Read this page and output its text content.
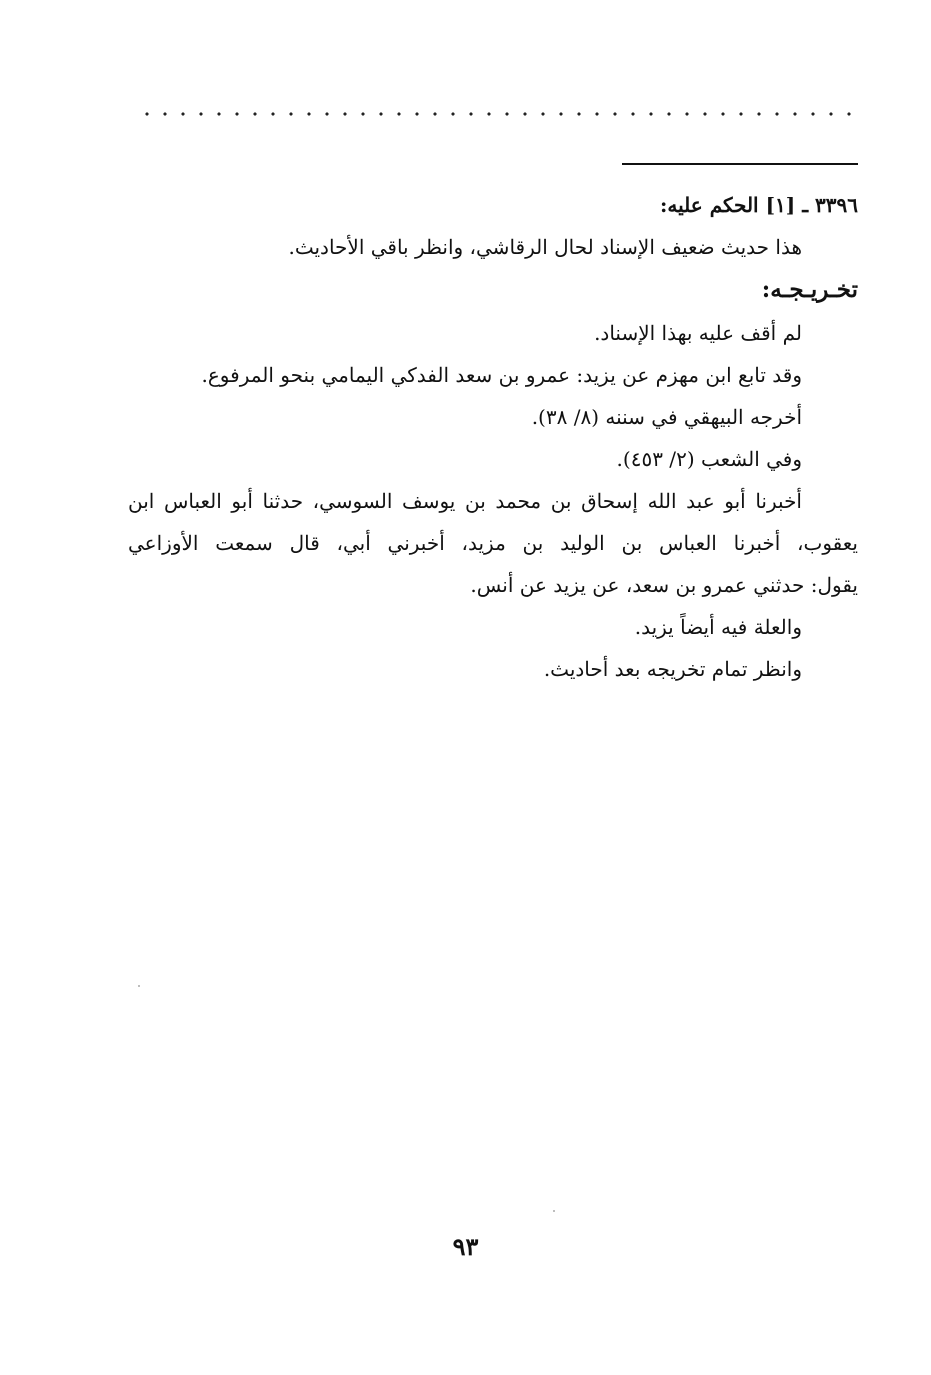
٣٣٩٦ ـ [١] الحكم عليه:
هذا حديث ضعيف الإسناد لحال الرقاشي، وانظر باقي الأحاديث.
تخـريـجـه:
لم أقف عليه بهذا الإسناد.
وقد تابع ابن مهزم عن يزيد: عمرو بن سعد الفدكي اليمامي بنحو المرفوع.
أخرجه البيهقي في سننه (٨/ ٣٨).
وفي الشعب (٢/ ٤٥٣).
أخبرنا أبو عبد الله إسحاق بن محمد بن يوسف السوسي، حدثنا أبو العباس ابن
يعقوب، أخبرنا العباس بن الوليد بن مزيد، أخبرني أبي، قال سمعت الأوزاعي
يقول: حدثني عمرو بن سعد، عن يزيد عن أنس.
والعلة فيه أيضاً يزيد.
وانظر تمام تخريجه بعد أحاديث.
٩٣
